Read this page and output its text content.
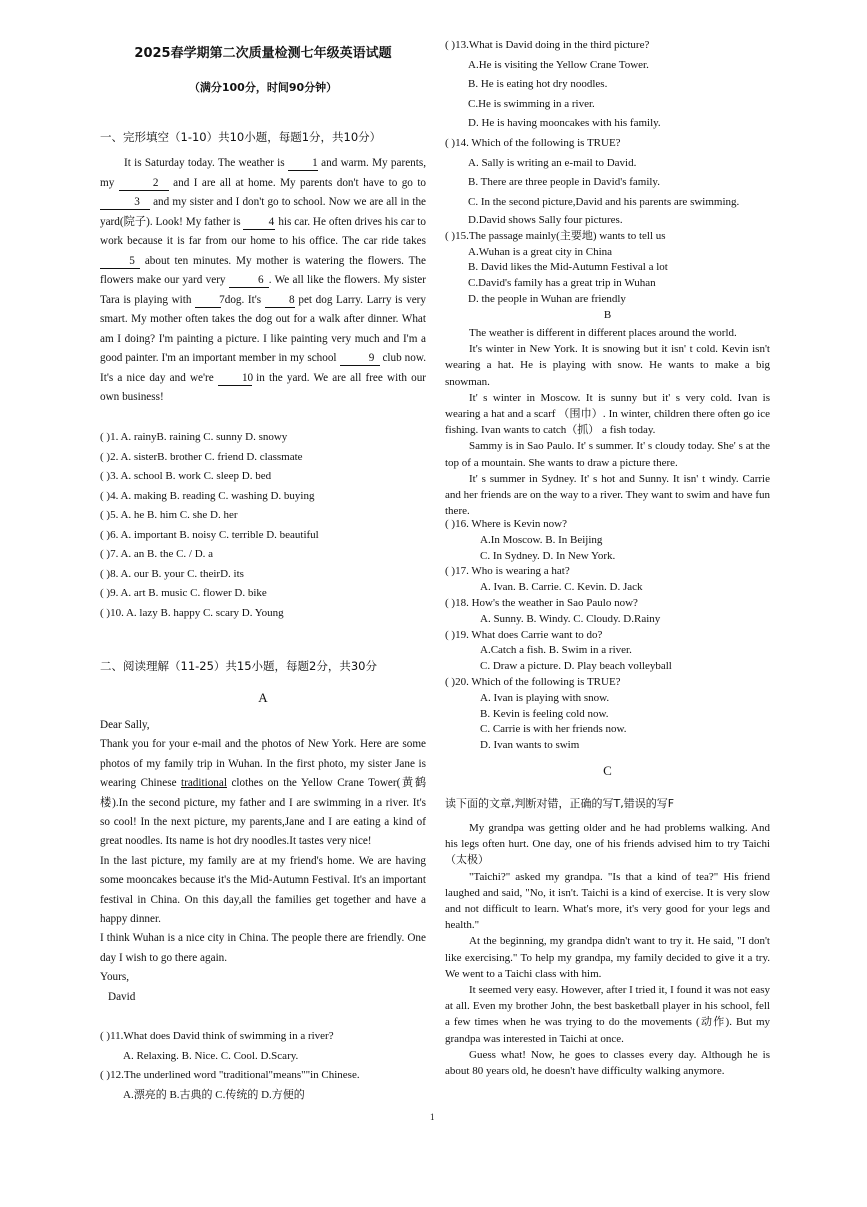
2025春学期第二次质量检测七年级英语试题
（满分100分，时间90分钟）
一、完形填空（1-10）共10小题，每题1分，共10分）
It is Saturday today. The weather is 1 and warm. My parents, my	2 and I are all at home. My parents don't have to go to 3 and my sister and I don't go to school. Now we are all in the yard(院子). Look! My father is	4 his car. He often drives his car to work because it is far from our home to his office. The car ride takes 5 about ten minutes. My mother is watering the flowers. The flowers make our yard very	6 . We all like the flowers. My sister Tara is playing with 7 dog. It's 8 pet dog Larry. Larry is very smart. My mother often takes the dog out for a walk after dinner. What am I doing? I'm painting a picture. I like painting very much and I'm a good painter. I'm an important member in my school	9 club now. It's a nice day and we're	10 in the yard. We are all free with our own business!
( )1. A. rainyB. raining C. sunny D. snowy
( )2. A. sisterB. brother C. friend D. classmate
( )3. A. school B. work C. sleep D. bed
( )4. A. making B. reading C. washing D. buying
( )5. A. he B. him C. she D. her
( )6. A. important B. noisy C. terrible D. beautiful
( )7. A. an B. the C. / D. a
( )8. A. our B. your C. theirD. its
( )9. A. art B. music C. flower D. bike
( )10. A. lazy B. happy C. scary D. Young
二、阅读理解（11-25）共15小题，每题2分，共30分
A
Dear Sally,
Thank you for your e-mail and the photos of New York. Here are some photos of my family trip in Wuhan. In the first photo, my sister Jane is wearing Chinese traditional clothes on the Yellow Crane Tower(黄鹤楼).In the second picture, my father and I are swimming in a river. It's so cool! In the next picture, my parents,Jane and I are eating a kind of great noodles. Its name is hot dry noodles.It tastes very nice!
In the last picture, my family are at my friend's home. We are having some mooncakes because it's the Mid-Autumn Festival. It's an important festival in China. On this day,all the families get together and have a happy dinner.
I think Wuhan is a nice city in China. The people there are friendly. One day I wish to go there again.
Yours,
David
( )11.What does David think of swimming in a river?
A. Relaxing. B. Nice. C. Cool. D.Scary.
( )12.The underlined word "traditional"means""in Chinese.
A.漂亮的 B.古典的 C.传统的 D.方便的
( )13.What is David doing in the third picture?
A.He is visiting the Yellow Crane Tower.
B. He is eating hot dry noodles.
C.He is swimming in a river.
D. He is having mooncakes with his family.
( )14. Which of the following is TRUE?
A. Sally is writing an e-mail to David.
B. There are three people in David's family.
C. In the second picture,David and his parents are swimming.
D.David shows Sally four pictures.
( )15.The passage mainly(主要地) wants to tell us
A.Wuhan is a great city in China
B. David likes the Mid-Autumn Festival a lot
C.David's family has a great trip in Wuhan
D. the people in Wuhan are friendly
B
The weather is different in different places around the world.
It's winter in New York. It is snowing but it isn' t cold. Kevin isn't wearing a hat. He is playing with snow. He wants to make a big snowman.
It' s winter in Moscow. It is sunny but it' s very cold. Ivan is wearing a hat and a scarf （围巾）. In winter, children there often go ice fishing. Ivan wants to catch（抓） a fish today.
Sammy is in Sao Paulo. It' s summer. It' s cloudy today. She' s at the top of a mountain. She wants to draw a picture there.
It' s summer in Sydney. It' s hot and Sunny. It isn' t windy. Carrie and her friends are on the way to a river. They want to swim and have fun there.
( )16. Where is Kevin now?
A.In Moscow. B. In Beijing
C. In Sydney. D. In New York.
( )17. Who is wearing a hat?
A. Ivan. B. Carrie. C. Kevin. D. Jack
( )18. How's the weather in Sao Paulo now?
A. Sunny. B. Windy. C. Cloudy. D.Rainy
( )19. What does Carrie want to do?
A.Catch a fish. B. Swim in a river.
C. Draw a picture. D. Play beach volleyball
( )20. Which of the following is TRUE?
A. Ivan is playing with snow.
B. Kevin is feeling cold now.
C. Carrie is with her friends now.
D. Ivan wants to swim
C
读下面的文章,判断对错，正确的写T,错误的写F
My grandpa was getting older and he had problems walking. And his legs often hurt. One day, one of his friends advised him to try Taichi（太极）
"Taichi?" asked my grandpa. "Is that a kind of tea?" His friend laughed and said, "No, it isn't. Taichi is a kind of exercise. It is very slow and not difficult to learn. What's more, it's very good for your legs and health."
At the beginning, my grandpa didn't want to try it. He said, "I don't like exercising." To help my grandpa, my family decided to give it a try. We went to a Taichi class with him.
It seemed very easy. However, after I tried it, I found it was not easy at all. Even my brother John, the best basketball player in his school, fell a few times when he was trying to do the movements (动作). But my grandpa was interested in Taichi at once.
Guess what! Now, he goes to classes every day. Although he is about 80 years old, he doesn't have difficulty walking anymore.
1
